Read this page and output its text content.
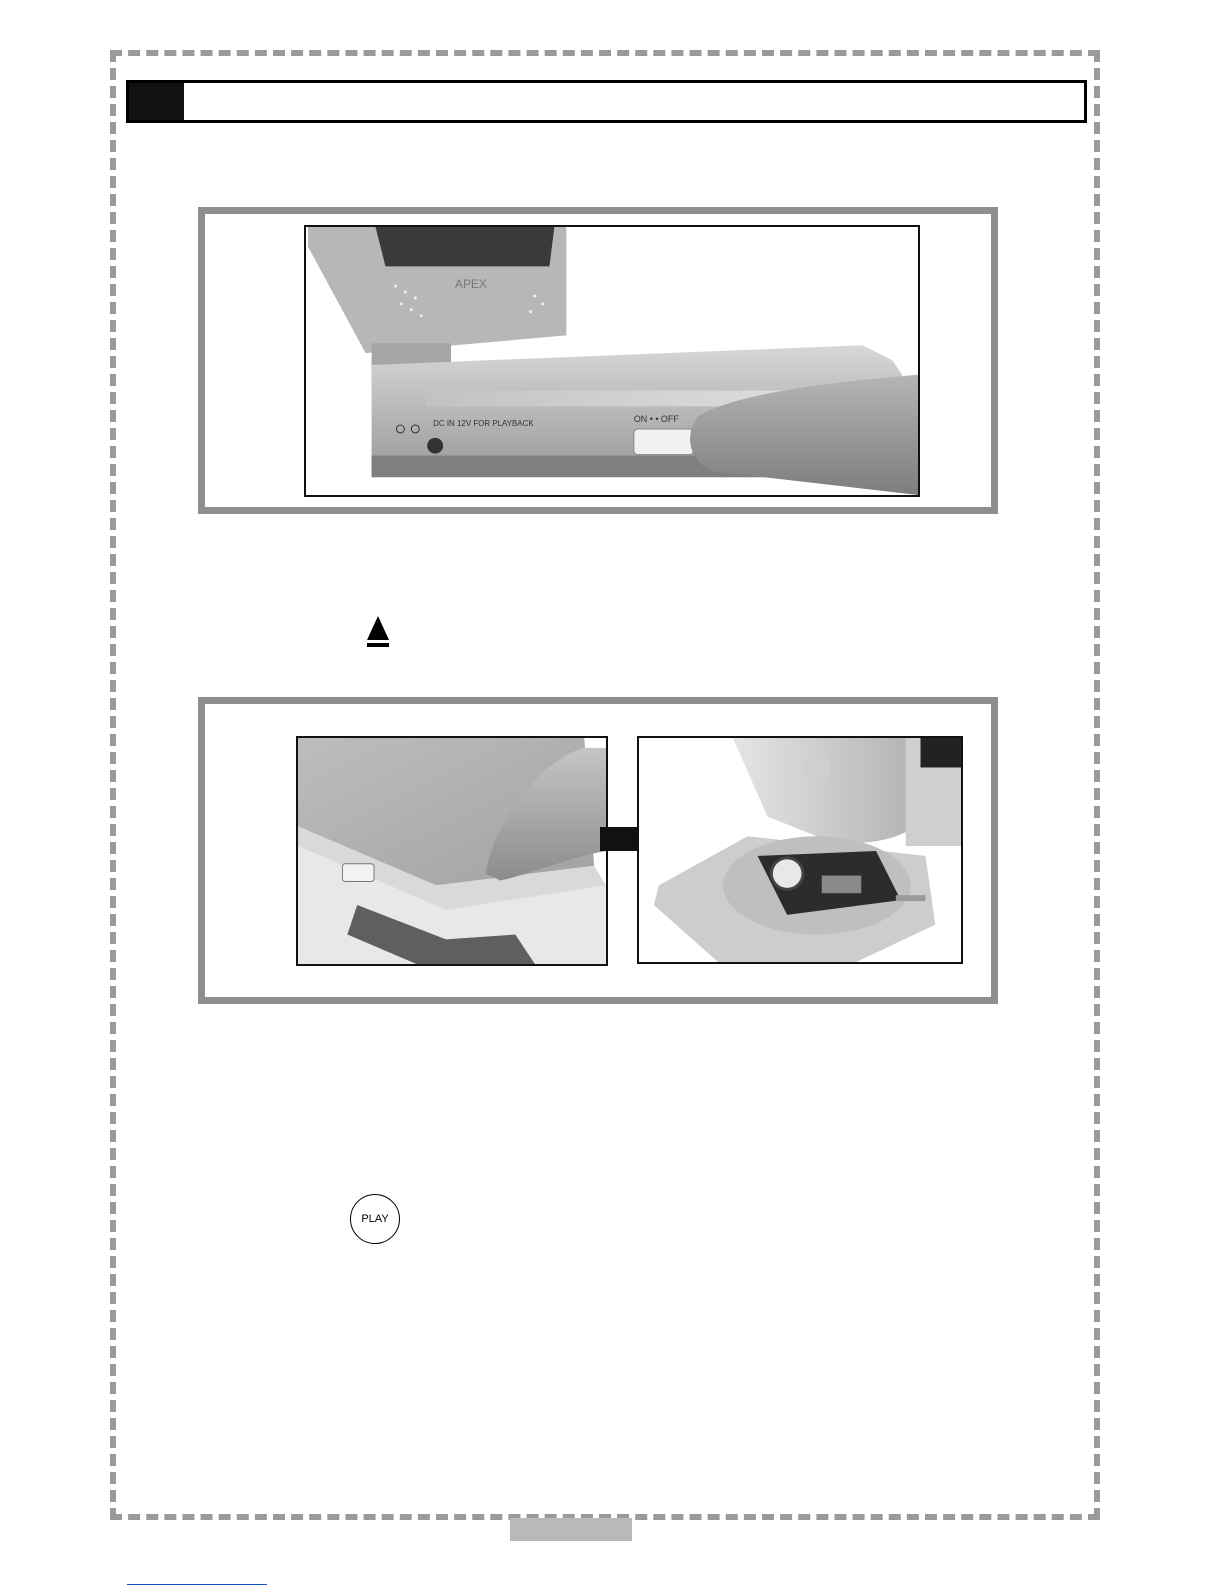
APEX
DC IN 12V FOR PLAYBACK	ON • • OFF
PLAY
